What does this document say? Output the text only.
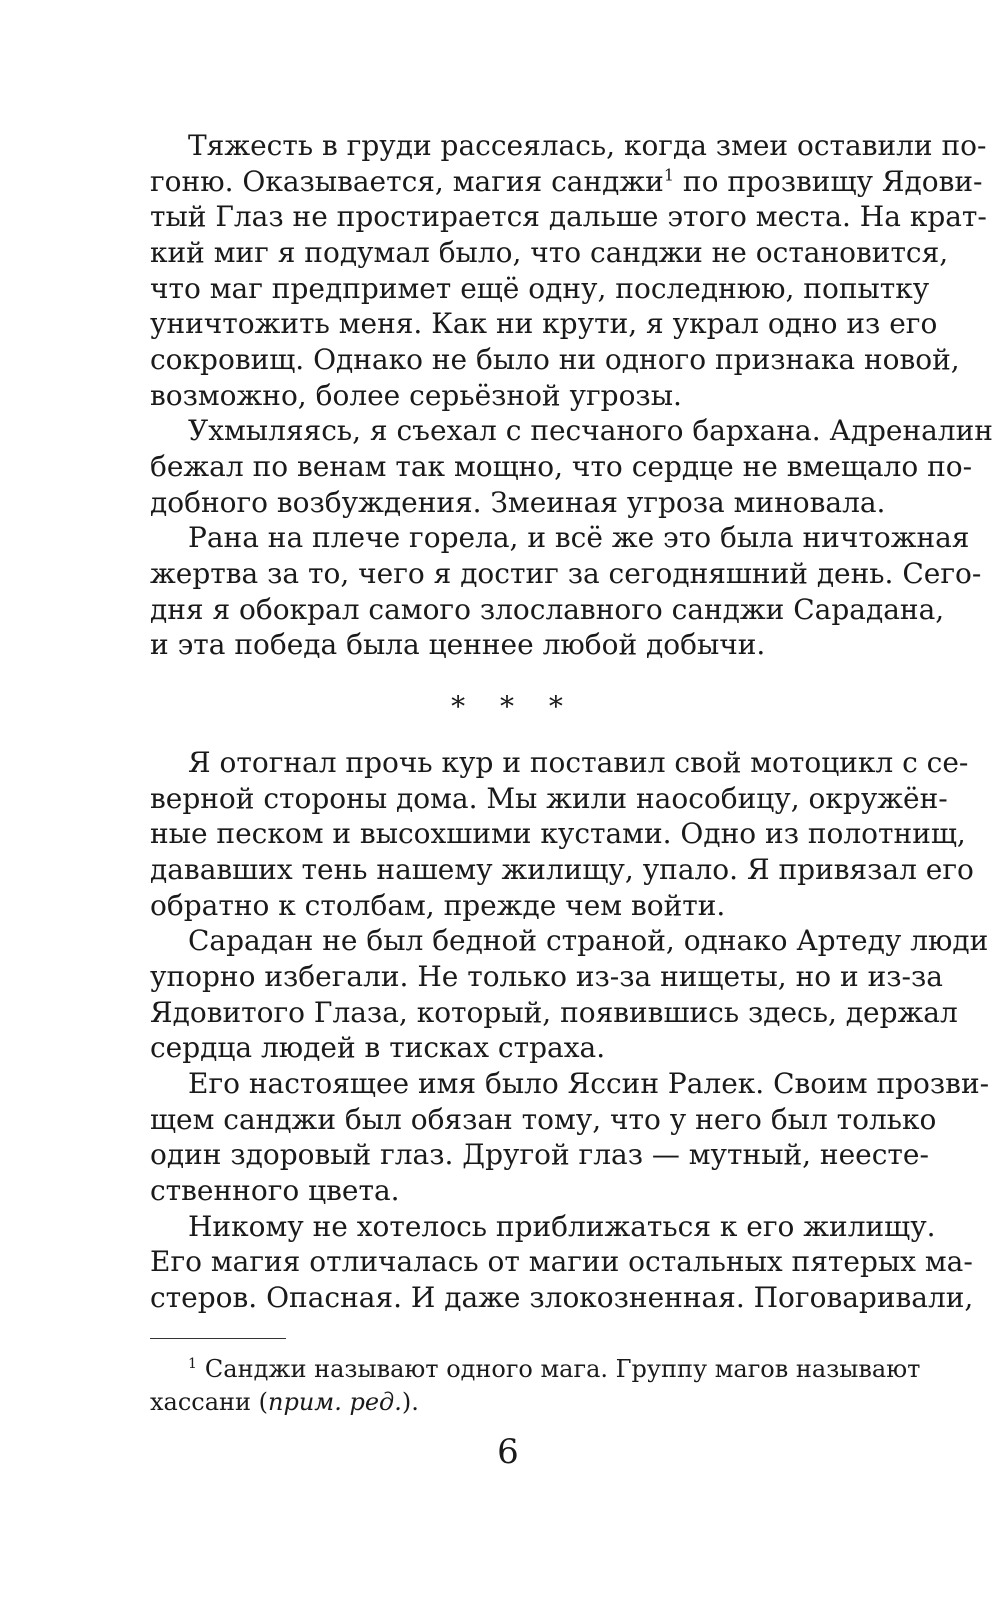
Тяжесть в груди рассеялась, когда змеи оставили по-
гоню. Оказывается, магия санджи$^1$ по прозвищу Ядови-
тый Глаз не простирается дальше этого места. На крат-
кий миг я подумал было, что санджи не остановится,
что маг предпримет ещё одну, последнюю, попытку
уничтожить меня. Как ни крути, я украл одно из его
сокровищ. Однако не было ни одного признака новой,
возможно, более серьёзной угрозы.
Ухмыляясь, я съехал с песчаного бархана. Адреналин
бежал по венам так мощно, что сердце не вмещало по-
добного возбуждения. Змеиная угроза миновала.
Рана на плече горела, и всё же это была ничтожная
жертва за то, чего я достиг за сегодняшний день. Сего-
дня я обокрал самого злославного санджи Сарадана,
и эта победа была ценнее любой добычи.
* * *
Я отогнал прочь кур и поставил свой мотоцикл с се-
верной стороны дома. Мы жили наособицу, окружён-
ные песком и высохшими кустами. Одно из полотнищ,
дававших тень нашему жилищу, упало. Я привязал его
обратно к столбам, прежде чем войти.
Сарадан не был бедной страной, однако Артеду люди
упорно избегали. Не только из-за нищеты, но и из-за
Ядовитого Глаза, который, появившись здесь, держал
сердца людей в тисках страха.
Его настоящее имя было Яссин Ралек. Своим прозви-
щем санджи был обязан тому, что у него был только
один здоровый глаз. Другой глаз — мутный, неесте-
ственного цвета.
Никому не хотелось приближаться к его жилищу.
Его магия отличалась от магии остальных пятерых ма-
стеров. Опасная. И даже злокозненная. Поговаривали,
$^1$ Санджи называют одного мага. Группу магов называют
хассани (прим. ред.).
6
